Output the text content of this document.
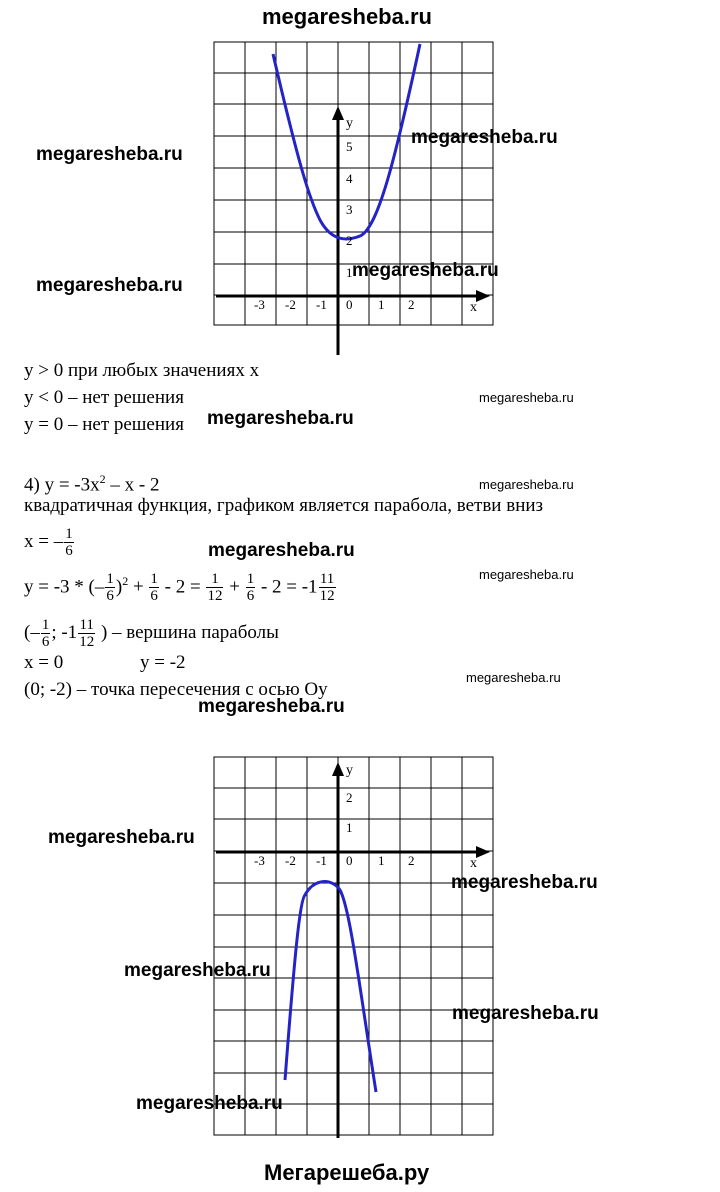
megaresheba.ru
y
x
-3 -2 -1 0 1 2
1
2
3
4
5
megaresheba.ru
megaresheba.ru
megaresheba.ru
megaresheba.ru
y > 0 при любых значениях x
y < 0 – нет решения
y = 0 – нет решения megaresheba.ru
megaresheba.ru
4) $y = -3x^2 - x - 2$	megaresheba.ru
квадратичная функция, графиком является парабола, ветви вниз
x = – $\frac{1}{6}$	megaresheba.ru
y = -3 * (– $\frac{1}{6} )^2 + \frac{1}{6} - 2 = \frac{1}{12} + \frac{1}{6} - 2 = -1 \frac{11}{12}$	megaresheba.ru
(– $\frac{1}{6}$ ; $-1 \frac{11}{12}$ ) – вершина параболы
x = 0	y = -2
(0; -2) – точка пересечения с осью Oy
megaresheba.ru
megaresheba.ru
y
x
-3 -2 -1 0 1 2
1
2
megaresheba.ru
megaresheba.ru
megaresheba.ru
megaresheba.ru
megaresheba.ru
Мегарешеба.ру
